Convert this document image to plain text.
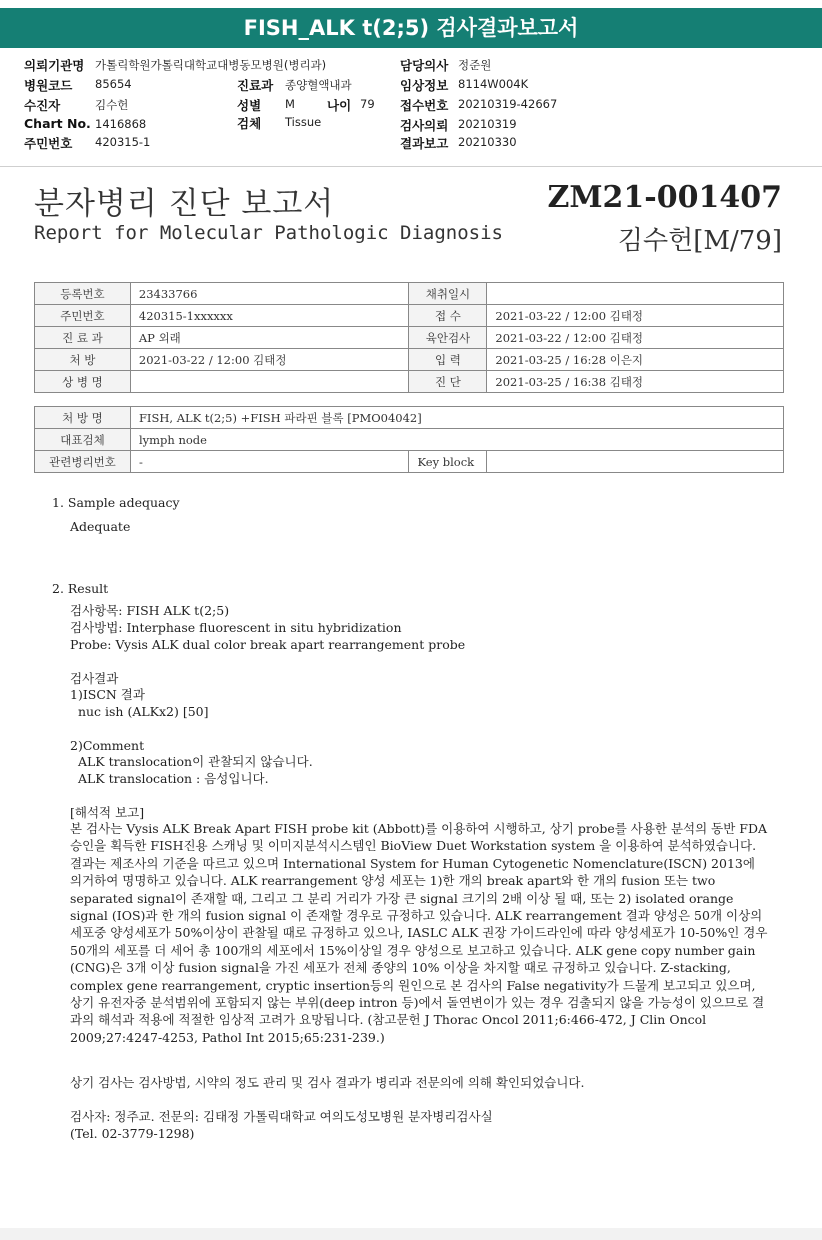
FISH_ALK t(2;5) 검사결과보고서
의뢰기관명 가톨릭학원가톨릭대학교대병동모병원(병리과)
병원코드 85654
수진자	김수헌
Chart No. 1416868
주민번호 420315-1
진료과 종양혈액내과
성별 M	나이 79
검체 Tissue
담당의사 정준원
임상정보 8114W004K
접수번호 20210319-42667
검사의뢰 20210319
결과보고 20210330
분자병리 진단 보고서
Report for Molecular Pathologic Diagnosis
ZM21-001407
김수헌[M/79]
등록번호	23433766	채취일시	
주민번호	420315-1xxxxxx	접 수	2021-03-22 / 12:00 김태정
진 료 과	AP 외래	육안검사	2021-03-22 / 12:00 김태정
처 방	2021-03-22 / 12:00 김태정	입 력	2021-03-25 / 16:28 이은지
상 병 명		진 단	2021-03-25 / 16:38 김태정
처 방 명	FISH, ALK t(2;5) +FISH 파라핀 블록 [PMO04042]		
대표검체	lymph node		
관련병리번호	-	Key block	
1. Sample adequacy
Adequate
2. Result
검사항목: FISH ALK t(2;5)
검사방법: Interphase fluorescent in situ hybridization
Probe: Vysis ALK dual color break apart rearrangement probe
검사결과
1)ISCN 결과
nuc ish (ALKx2) [50]
2)Comment
ALK translocation이 관찰되지 않습니다.
ALK translocation : 음성입니다.
[해석적 보고]
본 검사는 Vysis ALK Break Apart FISH probe kit (Abbott)를 이용하여 시행하고, 상기 probe를 사용한 분석의 동반 FDA 승인을 획득한 FISH진용 스캐닝 및 이미지분석시스템인 BioView Duet Workstation system 을 이용하여 분석하였습니다. 결과는 제조사의 기준을 따르고 있으며 International System for Human Cytogenetic Nomenclature(ISCN) 2013에 의거하여 명명하고 있습니다. ALK rearrangement 양성 세포는 1)한 개의 break apart와 한 개의 fusion 또는 two separated signal이 존재할 때, 그리고 그 분리 거리가 가장 큰 signal 크기의 2배 이상 될 때, 또는 2) isolated orange signal (IOS)과 한 개의 fusion signal 이 존재할 경우로 규정하고 있습니다. ALK rearrangement 결과 양성은 50개 이상의 세포중 양성세포가 50%이상이 관찰될 때로 규정하고 있으나, IASLC ALK 권장 가이드라인에 따라 양성세포가 10-50%인 경우 50개의 세포를 더 세어 총 100개의 세포에서 15%이상일 경우 양성으로 보고하고 있습니다. ALK gene copy number gain (CNG)은 3개 이상 fusion signal을 가진 세포가 전체 종양의 10% 이상을 차지할 때로 규정하고 있습니다. Z-stacking, complex gene rearrangement, cryptic insertion등의 원인으로 본 검사의 False negativity가 드물게 보고되고 있으며, 상기 유전자중 분석범위에 포함되지 않는 부위(deep intron 등)에서 돌연변이가 있는 경우 검출되지 않을 가능성이 있으므로 결과의 해석과 적용에 적절한 임상적 고려가 요망됩니다. (참고문헌 J Thorac Oncol 2011;6:466-472, J Clin Oncol 2009;27:4247-4253, Pathol Int 2015;65:231-239.)
상기 검사는 검사방법, 시약의 정도 관리 및 검사 결과가 병리과 전문의에 의해 확인되었습니다.
검사자: 정주교. 전문의: 김태정 가톨릭대학교 여의도성모병원 분자병리검사실
(Tel. 02-3779-1298)
